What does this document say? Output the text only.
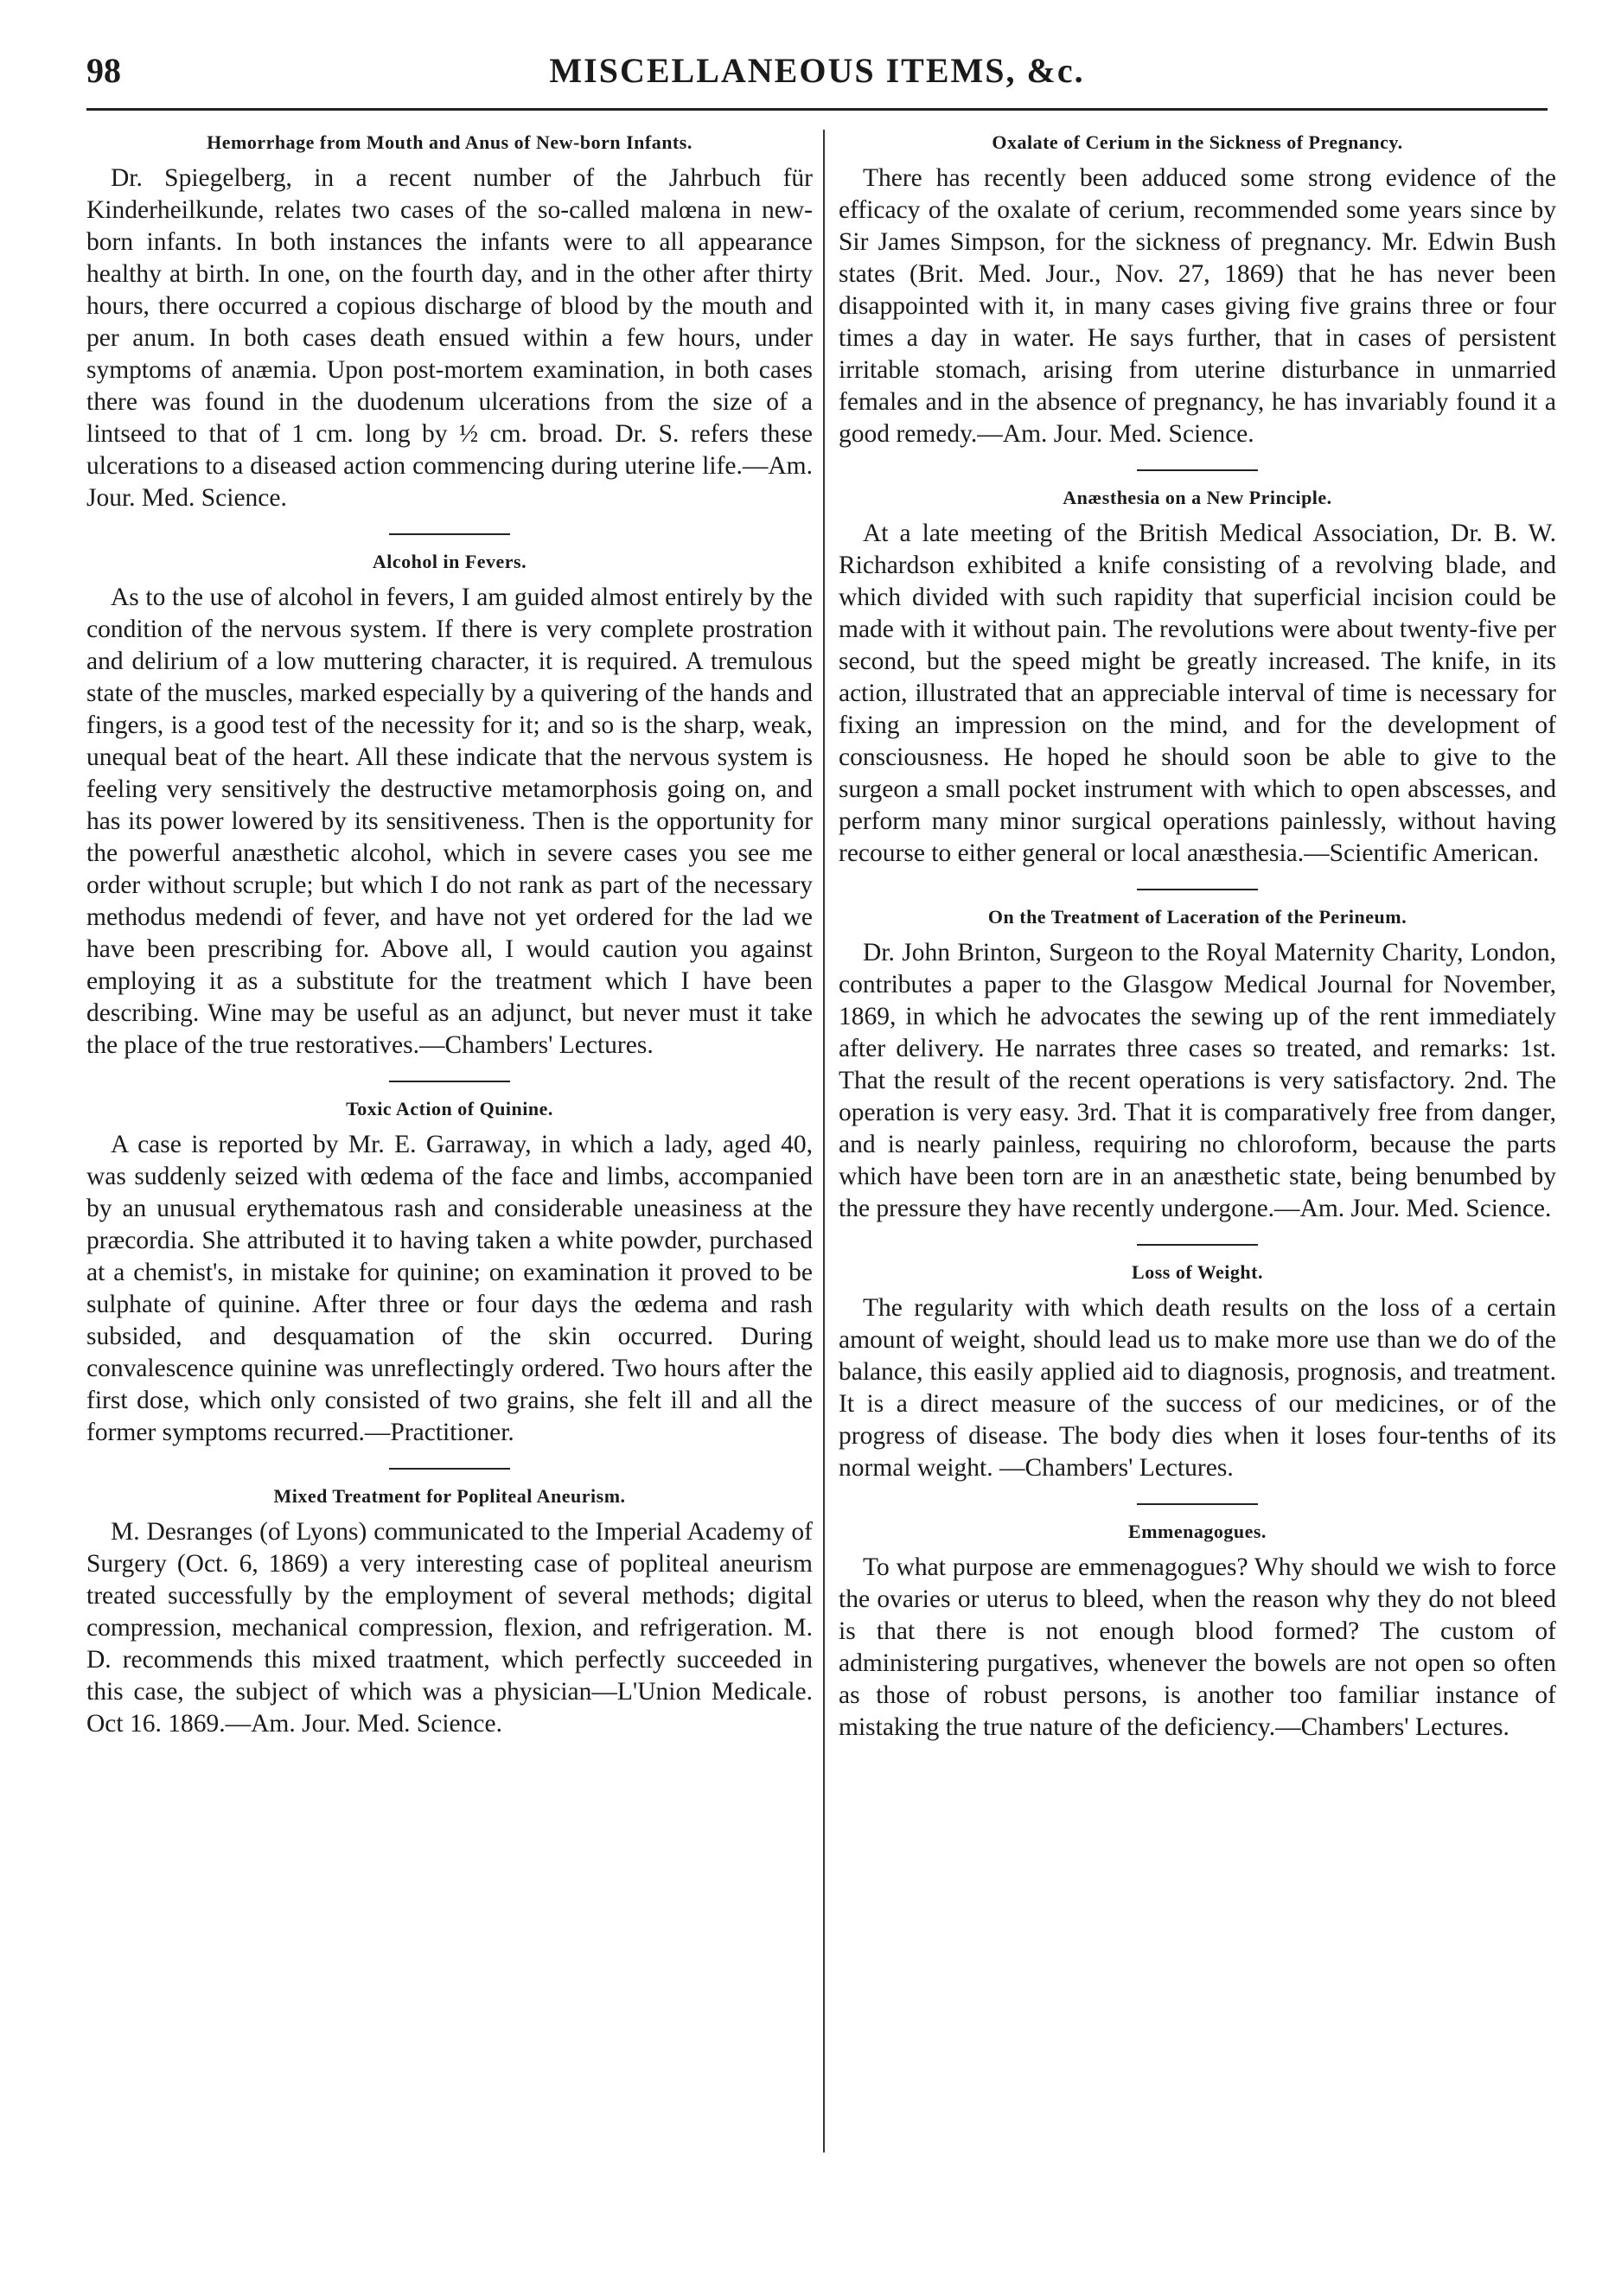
98	MISCELLANEOUS ITEMS, &c.
Hemorrhage from Mouth and Anus of New-born Infants.

Dr. Spiegelberg, in a recent number of the Jahrbuch für Kinderheilkunde, relates two cases of the so-called malœna in new-born infants. In both instances the infants were to all appearance healthy at birth. In one, on the fourth day, and in the other after thirty hours, there occurred a copious discharge of blood by the mouth and per anum. In both cases death ensued within a few hours, under symptoms of anæmia. Upon post-mortem examination, in both cases there was found in the duodenum ulcerations from the size of a lintseed to that of 1 cm. long by ½ cm. broad. Dr. S. refers these ulcerations to a diseased action commencing during uterine life.—Am. Jour. Med. Science.

Alcohol in Fevers.

As to the use of alcohol in fevers, I am guided almost entirely by the condition of the nervous system. If there is very complete prostration and delirium of a low muttering character, it is required. A tremulous state of the muscles, marked especially by a quivering of the hands and fingers, is a good test of the necessity for it; and so is the sharp, weak, unequal beat of the heart. All these indicate that the nervous system is feeling very sensitively the destructive metamorphosis going on, and has its power lowered by its sensitiveness. Then is the opportunity for the powerful anæsthetic alcohol, which in severe cases you see me order without scruple; but which I do not rank as part of the necessary methodus medendi of fever, and have not yet ordered for the lad we have been prescribing for. Above all, I would caution you against employing it as a substitute for the treatment which I have been describing. Wine may be useful as an adjunct, but never must it take the place of the true restoratives.—Chambers' Lectures.

Toxic Action of Quinine.

A case is reported by Mr. E. Garraway, in which a lady, aged 40, was suddenly seized with œdema of the face and limbs, accompanied by an unusual erythematous rash and considerable uneasiness at the præcordia. She attributed it to having taken a white powder, purchased at a chemist's, in mistake for quinine; on examination it proved to be sulphate of quinine. After three or four days the œdema and rash subsided, and desquamation of the skin occurred. During convalescence quinine was unreflectingly ordered. Two hours after the first dose, which only consisted of two grains, she felt ill and all the former symptoms recurred.—Practitioner.

Mixed Treatment for Popliteal Aneurism.

M. Desranges (of Lyons) communicated to the Imperial Academy of Surgery (Oct. 6, 1869) a very interesting case of popliteal aneurism treated successfully by the employment of several methods; digital compression, mechanical compression, flexion, and refrigeration. M. D. recommends this mixed traatment, which perfectly succeeded in this case, the subject of which was a physician—L'Union Medicale. Oct 16. 1869.—Am. Jour. Med. Science.

Oxalate of Cerium in the Sickness of Pregnancy.

There has recently been adduced some strong evidence of the efficacy of the oxalate of cerium, recommended some years since by Sir James Simpson, for the sickness of pregnancy. Mr. Edwin Bush states (Brit. Med. Jour., Nov. 27, 1869) that he has never been disappointed with it, in many cases giving five grains three or four times a day in water. He says further, that in cases of persistent irritable stomach, arising from uterine disturbance in unmarried females and in the absence of pregnancy, he has invariably found it a good remedy.—Am. Jour. Med. Science.

Anæsthesia on a New Principle.

At a late meeting of the British Medical Association, Dr. B. W. Richardson exhibited a knife consisting of a revolving blade, and which divided with such rapidity that superficial incision could be made with it without pain. The revolutions were about twenty-five per second, but the speed might be greatly increased. The knife, in its action, illustrated that an appreciable interval of time is necessary for fixing an impression on the mind, and for the development of consciousness. He hoped he should soon be able to give to the surgeon a small pocket instrument with which to open abscesses, and perform many minor surgical operations painlessly, without having recourse to either general or local anæsthesia.—Scientific American.

On the Treatment of Laceration of the Perineum.

Dr. John Brinton, Surgeon to the Royal Maternity Charity, London, contributes a paper to the Glasgow Medical Journal for November, 1869, in which he advocates the sewing up of the rent immediately after delivery. He narrates three cases so treated, and remarks: 1st. That the result of the recent operations is very satisfactory. 2nd. The operation is very easy. 3rd. That it is comparatively free from danger, and is nearly painless, requiring no chloroform, because the parts which have been torn are in an anæsthetic state, being benumbed by the pressure they have recently undergone.—Am. Jour. Med. Science.

Loss of Weight.

The regularity with which death results on the loss of a certain amount of weight, should lead us to make more use than we do of the balance, this easily applied aid to diagnosis, prognosis, and treatment. It is a direct measure of the success of our medicines, or of the progress of disease. The body dies when it loses four-tenths of its normal weight. —Chambers' Lectures.

Emmenagogues.

To what purpose are emmenagogues? Why should we wish to force the ovaries or uterus to bleed, when the reason why they do not bleed is that there is not enough blood formed? The custom of administering purgatives, whenever the bowels are not open so often as those of robust persons, is another too familiar instance of mistaking the true nature of the deficiency.—Chambers' Lectures.
